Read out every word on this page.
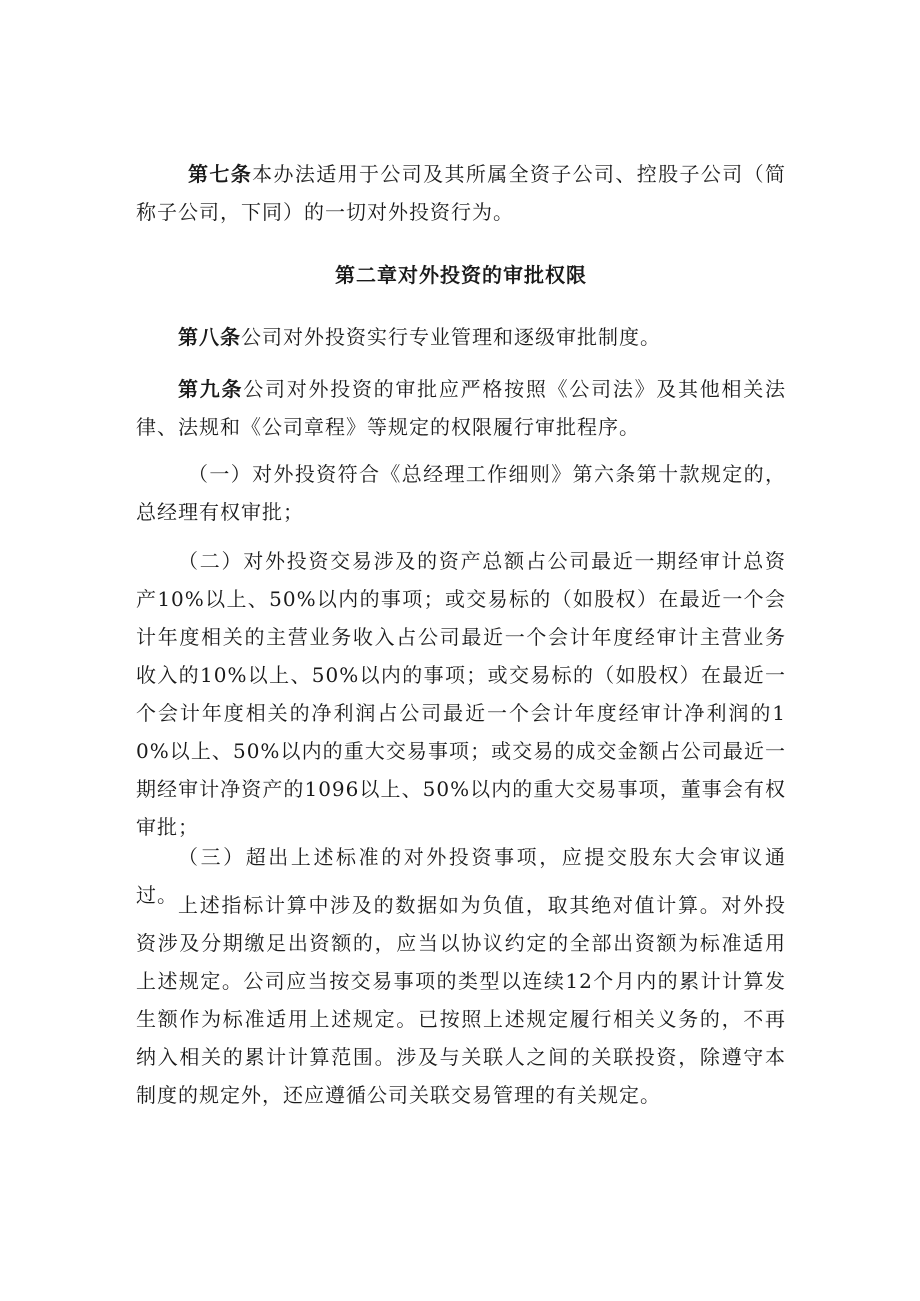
第七条本办法适用于公司及其所属全资子公司、控股子公司（简称子公司，下同）的一切对外投资行为。

第二章对外投资的审批权限

第八条公司对外投资实行专业管理和逐级审批制度。

第九条公司对外投资的审批应严格按照《公司法》及其他相关法律、法规和《公司章程》等规定的权限履行审批程序。

（一）对外投资符合《总经理工作细则》第六条第十款规定的，总经理有权审批；

（二）对外投资交易涉及的资产总额占公司最近一期经审计总资产10%以上、50%以内的事项；或交易标的（如股权）在最近一个会计年度相关的主营业务收入占公司最近一个会计年度经审计主营业务收入的10%以上、50%以内的事项；或交易标的（如股权）在最近一个会计年度相关的净利润占公司最近一个会计年度经审计净利润的10%以上、50%以内的重大交易事项；或交易的成交金额占公司最近一期经审计净资产的1096以上、50%以内的重大交易事项，董事会有权审批；

（三）超出上述标准的对外投资事项，应提交股东大会审议通过。 上述指标计算中涉及的数据如为负值，取其绝对值计算。对外投资涉及分期缴足出资额的，应当以协议约定的全部出资额为标准适用上述规定。公司应当按交易事项的类型以连续12个月内的累计计算发生额作为标准适用上述规定。已按照上述规定履行相关义务的，不再纳入相关的累计计算范围。涉及与关联人之间的关联投资，除遵守本制度的规定外，还应遵循公司关联交易管理的有关规定。
